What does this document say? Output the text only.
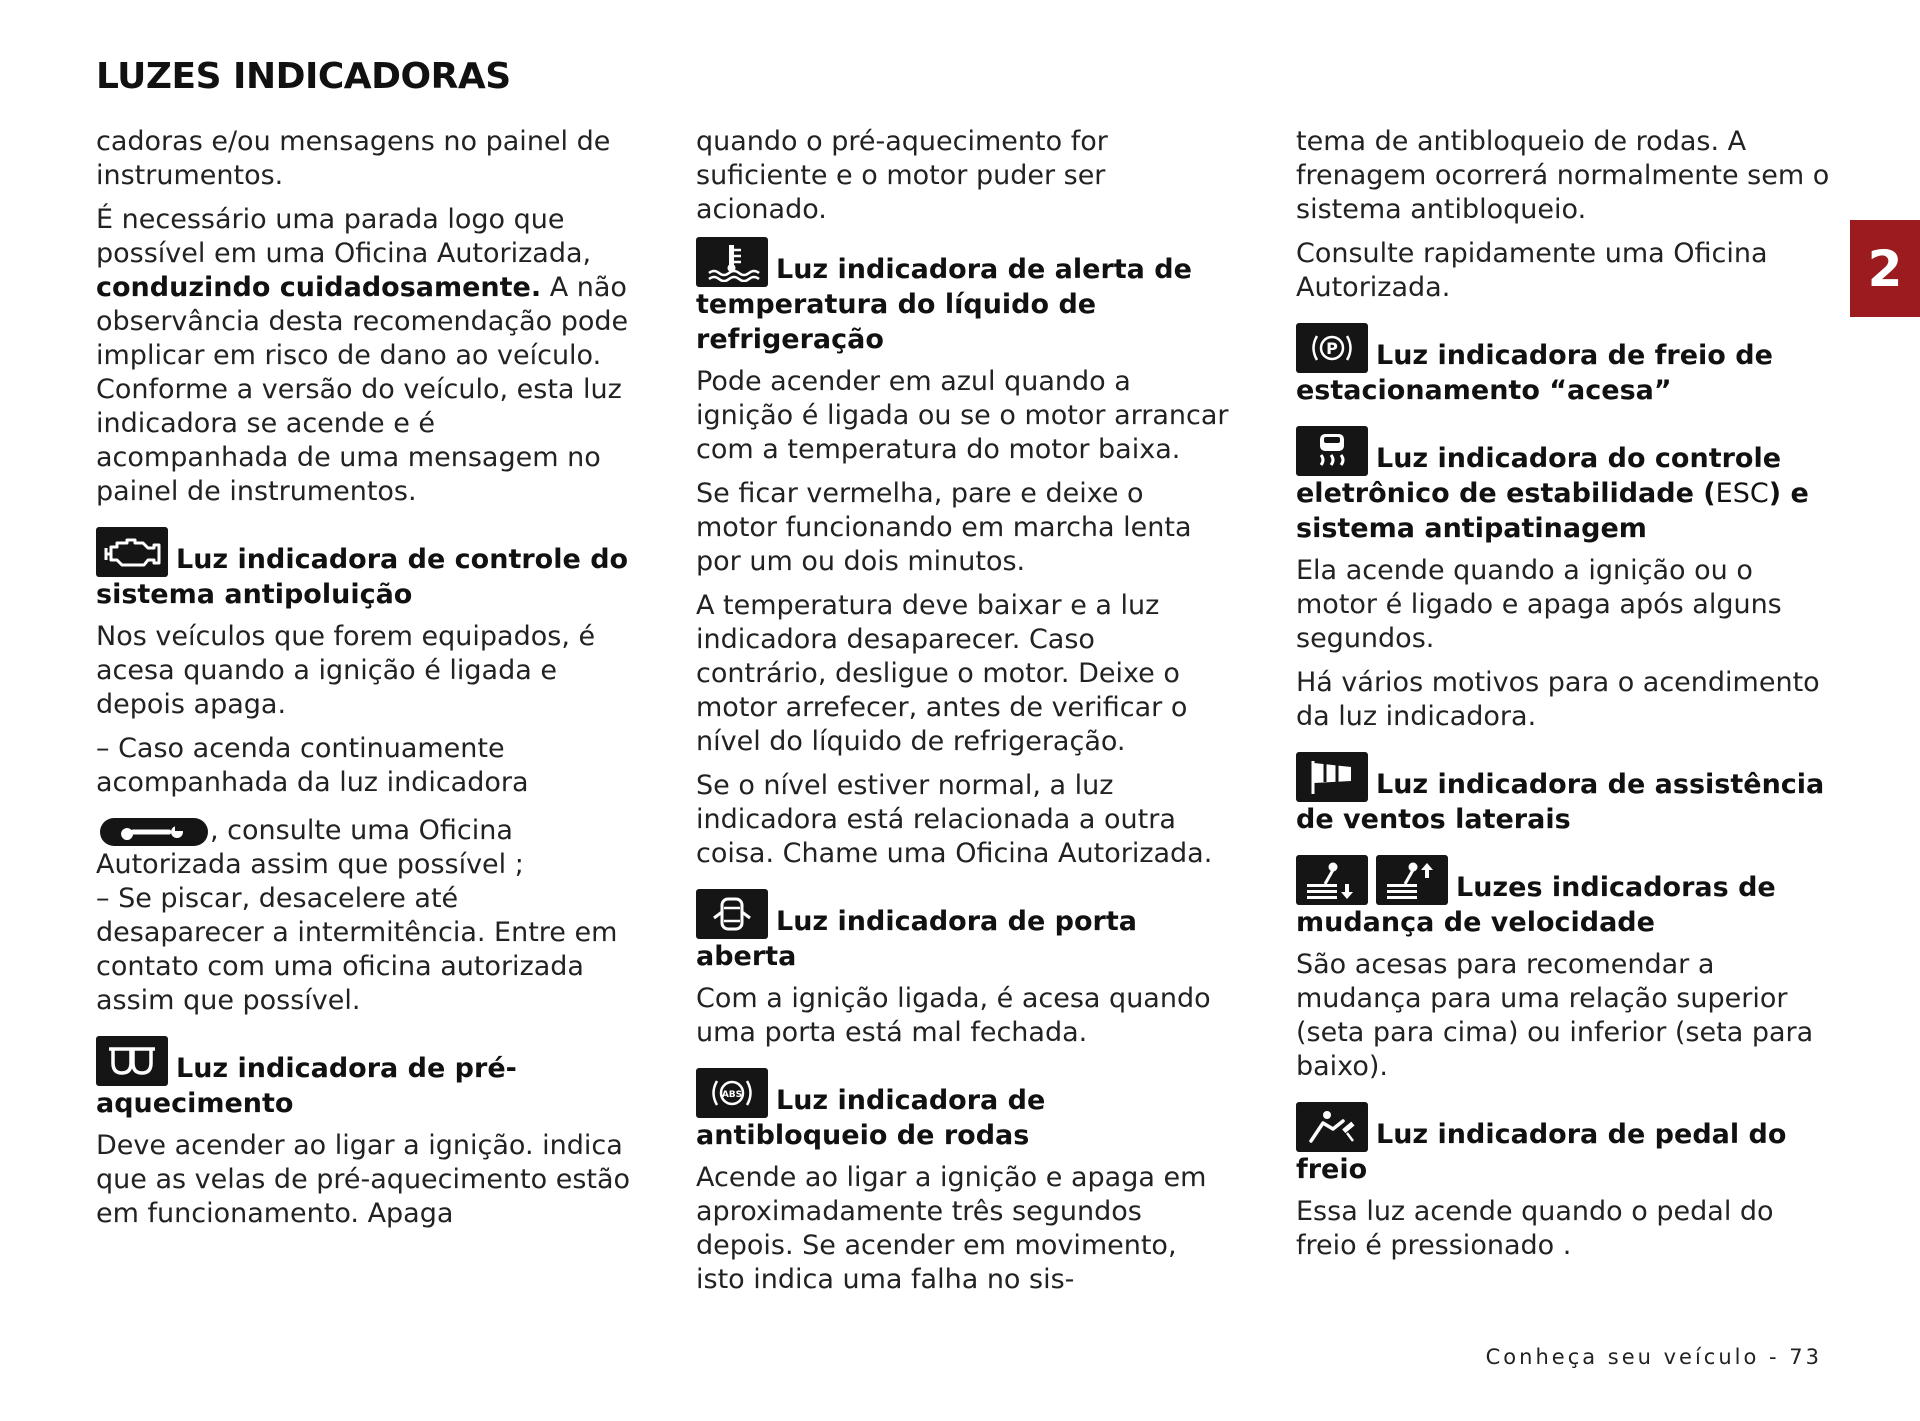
LUZES INDICADORAS
2

cadoras e/ou mensagens no painel de instrumentos.

É necessário uma parada logo que possível em uma Oficina Autorizada, conduzindo cuidadosamente. A não observância desta recomendação pode implicar em risco de dano ao veículo. Conforme a versão do veículo, esta luz indicadora se acende e é acompanhada de uma mensagem no painel de instrumentos.

Luz indicadora de controle do sistema antipoluição

Nos veículos que forem equipados, é acesa quando a ignição é ligada e depois apaga.

– Caso acenda continuamente acompanhada da luz indicadora

, consulte uma Oficina Autorizada assim que possível ;

– Se piscar, desacelere até desaparecer a intermitência. Entre em contato com uma oficina autorizada assim que possível.

Luz indicadora de pré-aquecimento

Deve acender ao ligar a ignição. indica que as velas de pré-aquecimento estão em funcionamento. Apaga

quando o pré-aquecimento for suficiente e o motor puder ser acionado.

Luz indicadora de alerta de temperatura do líquido de refrigeração

Pode acender em azul quando a ignição é ligada ou se o motor arrancar com a temperatura do motor baixa.

Se ficar vermelha, pare e deixe o motor funcionando em marcha lenta por um ou dois minutos.

A temperatura deve baixar e a luz indicadora desaparecer. Caso contrário, desligue o motor. Deixe o motor arrefecer, antes de verificar o nível do líquido de refrigeração.

Se o nível estiver normal, a luz indicadora está relacionada a outra coisa. Chame uma Oficina Autorizada.

Luz indicadora de porta aberta

Com a ignição ligada, é acesa quando uma porta está mal fechada.

ABS Luz indicadora de antibloqueio de rodas

Acende ao ligar a ignição e apaga em aproximadamente três segundos depois. Se acender em movimento, isto indica uma falha no sis-

tema de antibloqueio de rodas. A frenagem ocorrerá normalmente sem o sistema antibloqueio.

Consulte rapidamente uma Oficina Autorizada.

P Luz indicadora de freio de estacionamento “acesa”
Luz indicadora do controle eletrônico de estabilidade (ESC) e sistema antipatinagem

Ela acende quando a ignição ou o motor é ligado e apaga após alguns segundos.

Há vários motivos para o acendimento da luz indicadora.

Luz indicadora de assistência de ventos laterais
Luzes indicadoras de mudança de velocidade

São acesas para recomendar a mudança para uma relação superior (seta para cima) ou inferior (seta para baixo).

Luz indicadora de pedal do freio

Essa luz acende quando o pedal do freio é pressionado .

Conheça seu veículo - 73
